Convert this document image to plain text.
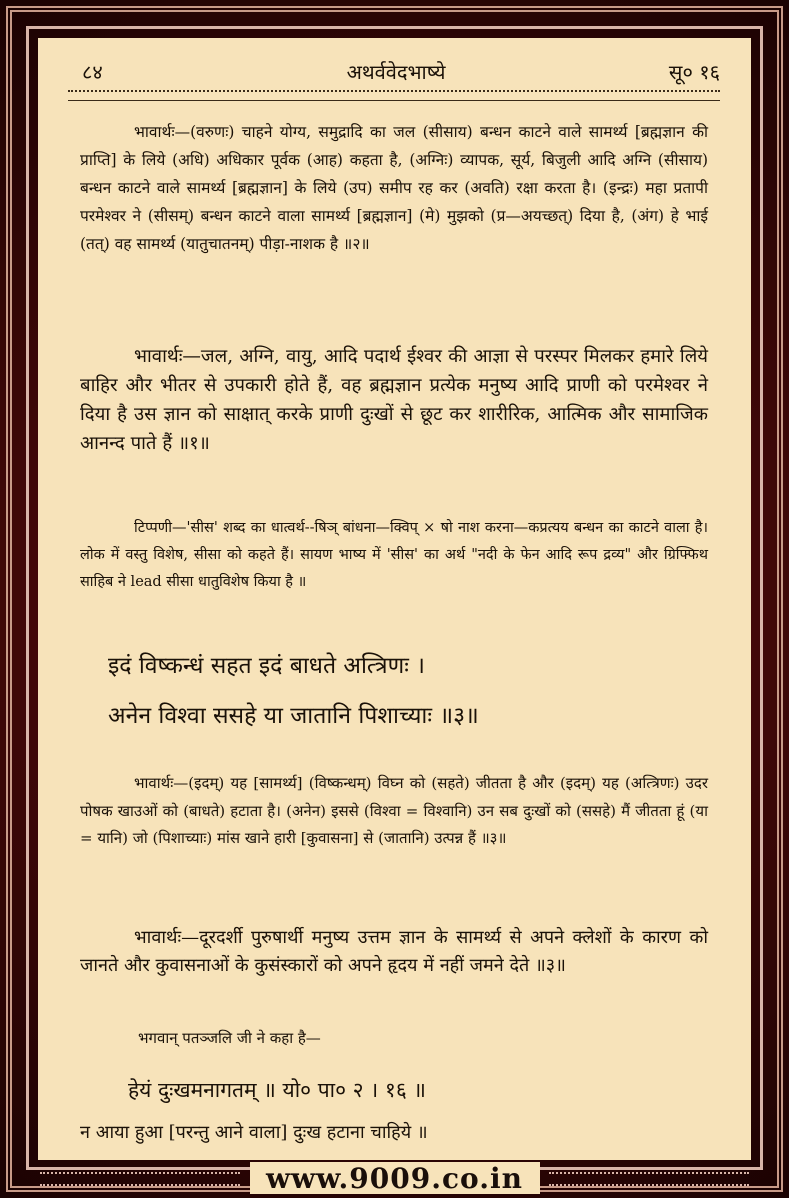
८४	अथर्ववेदभाष्ये	सू० १६

भावार्थः—(वरुणः) चाहने योग्य, समुद्रादि का जल (सीसाय) बन्धन काटने वाले सामर्थ्य [ब्रह्मज्ञान की प्राप्ति] के लिये (अधि) अधिकार पूर्वक (आह) कहता है, (अग्निः) व्यापक, सूर्य, बिजुली आदि अग्नि (सीसाय) बन्धन काटने वाले सामर्थ्य [ब्रह्मज्ञान] के लिये (उप) समीप रह कर (अवति) रक्षा करता है। (इन्द्रः) महा प्रतापी परमेश्वर ने (सीसम्) बन्धन काटने वाला सामर्थ्य [ब्रह्मज्ञान] (मे) मुझको (प्र—अयच्छत्) दिया है, (अंग) हे भाई (तत्) वह सामर्थ्य (यातुचातनम्) पीड़ा-नाशक है ॥२॥

भावार्थः—जल, अग्नि, वायु, आदि पदार्थ ईश्वर की आज्ञा से परस्पर मिलकर हमारे लिये बाहिर और भीतर से उपकारी होते हैं, वह ब्रह्मज्ञान प्रत्येक मनुष्य आदि प्राणी को परमेश्वर ने दिया है उस ज्ञान को साक्षात् करके प्राणी दुःखों से छूट कर शारीरिक, आत्मिक और सामाजिक आनन्द पाते हैं ॥१॥

टिप्पणी—'सीस' शब्द का धात्वर्थ--षिञ् बांधना—क्विप् × षो नाश करना—कप्रत्यय बन्धन का काटने वाला है। लोक में वस्तु विशेष, सीसा को कहते हैं। सायण भाष्य में 'सीस' का अर्थ "नदी के फेन आदि रूप द्रव्य" और ग्रिफ्फिथ साहिब ने lead सीसा धातुविशेष किया है ॥

इदं विष्कन्धं सहत इदं बाधते अत्त्रिणः ।
अनेन विश्वा ससहे या जातानि पिशाच्याः ॥३॥

भावार्थः—(इदम्) यह [सामर्थ्य] (विष्कन्धम्) विघ्न को (सहते) जीतता है और (इदम्) यह (अत्त्रिणः) उदर पोषक खाउओं को (बाधते) हटाता है। (अनेन) इससे (विश्वा = विश्वानि) उन सब दुःखों को (ससहे) मैं जीतता हूं (या = यानि) जो (पिशाच्याः) मांस खाने हारी [कुवासना] से (जातानि) उत्पन्न हैं ॥३॥

भावार्थः—दूरदर्शी पुरुषार्थी मनुष्य उत्तम ज्ञान के सामर्थ्य से अपने क्लेशों के कारण को जानते और कुवासनाओं के कुसंस्कारों को अपने हृदय में नहीं जमने देते ॥३॥

भगवान् पतञ्जलि जी ने कहा है—
हेयं दुःखमनागतम् ॥ यो० पा० २ । १६ ॥
न आया हुआ [परन्तु आने वाला] दुःख हटाना चाहिये ॥
www.9009.co.in
